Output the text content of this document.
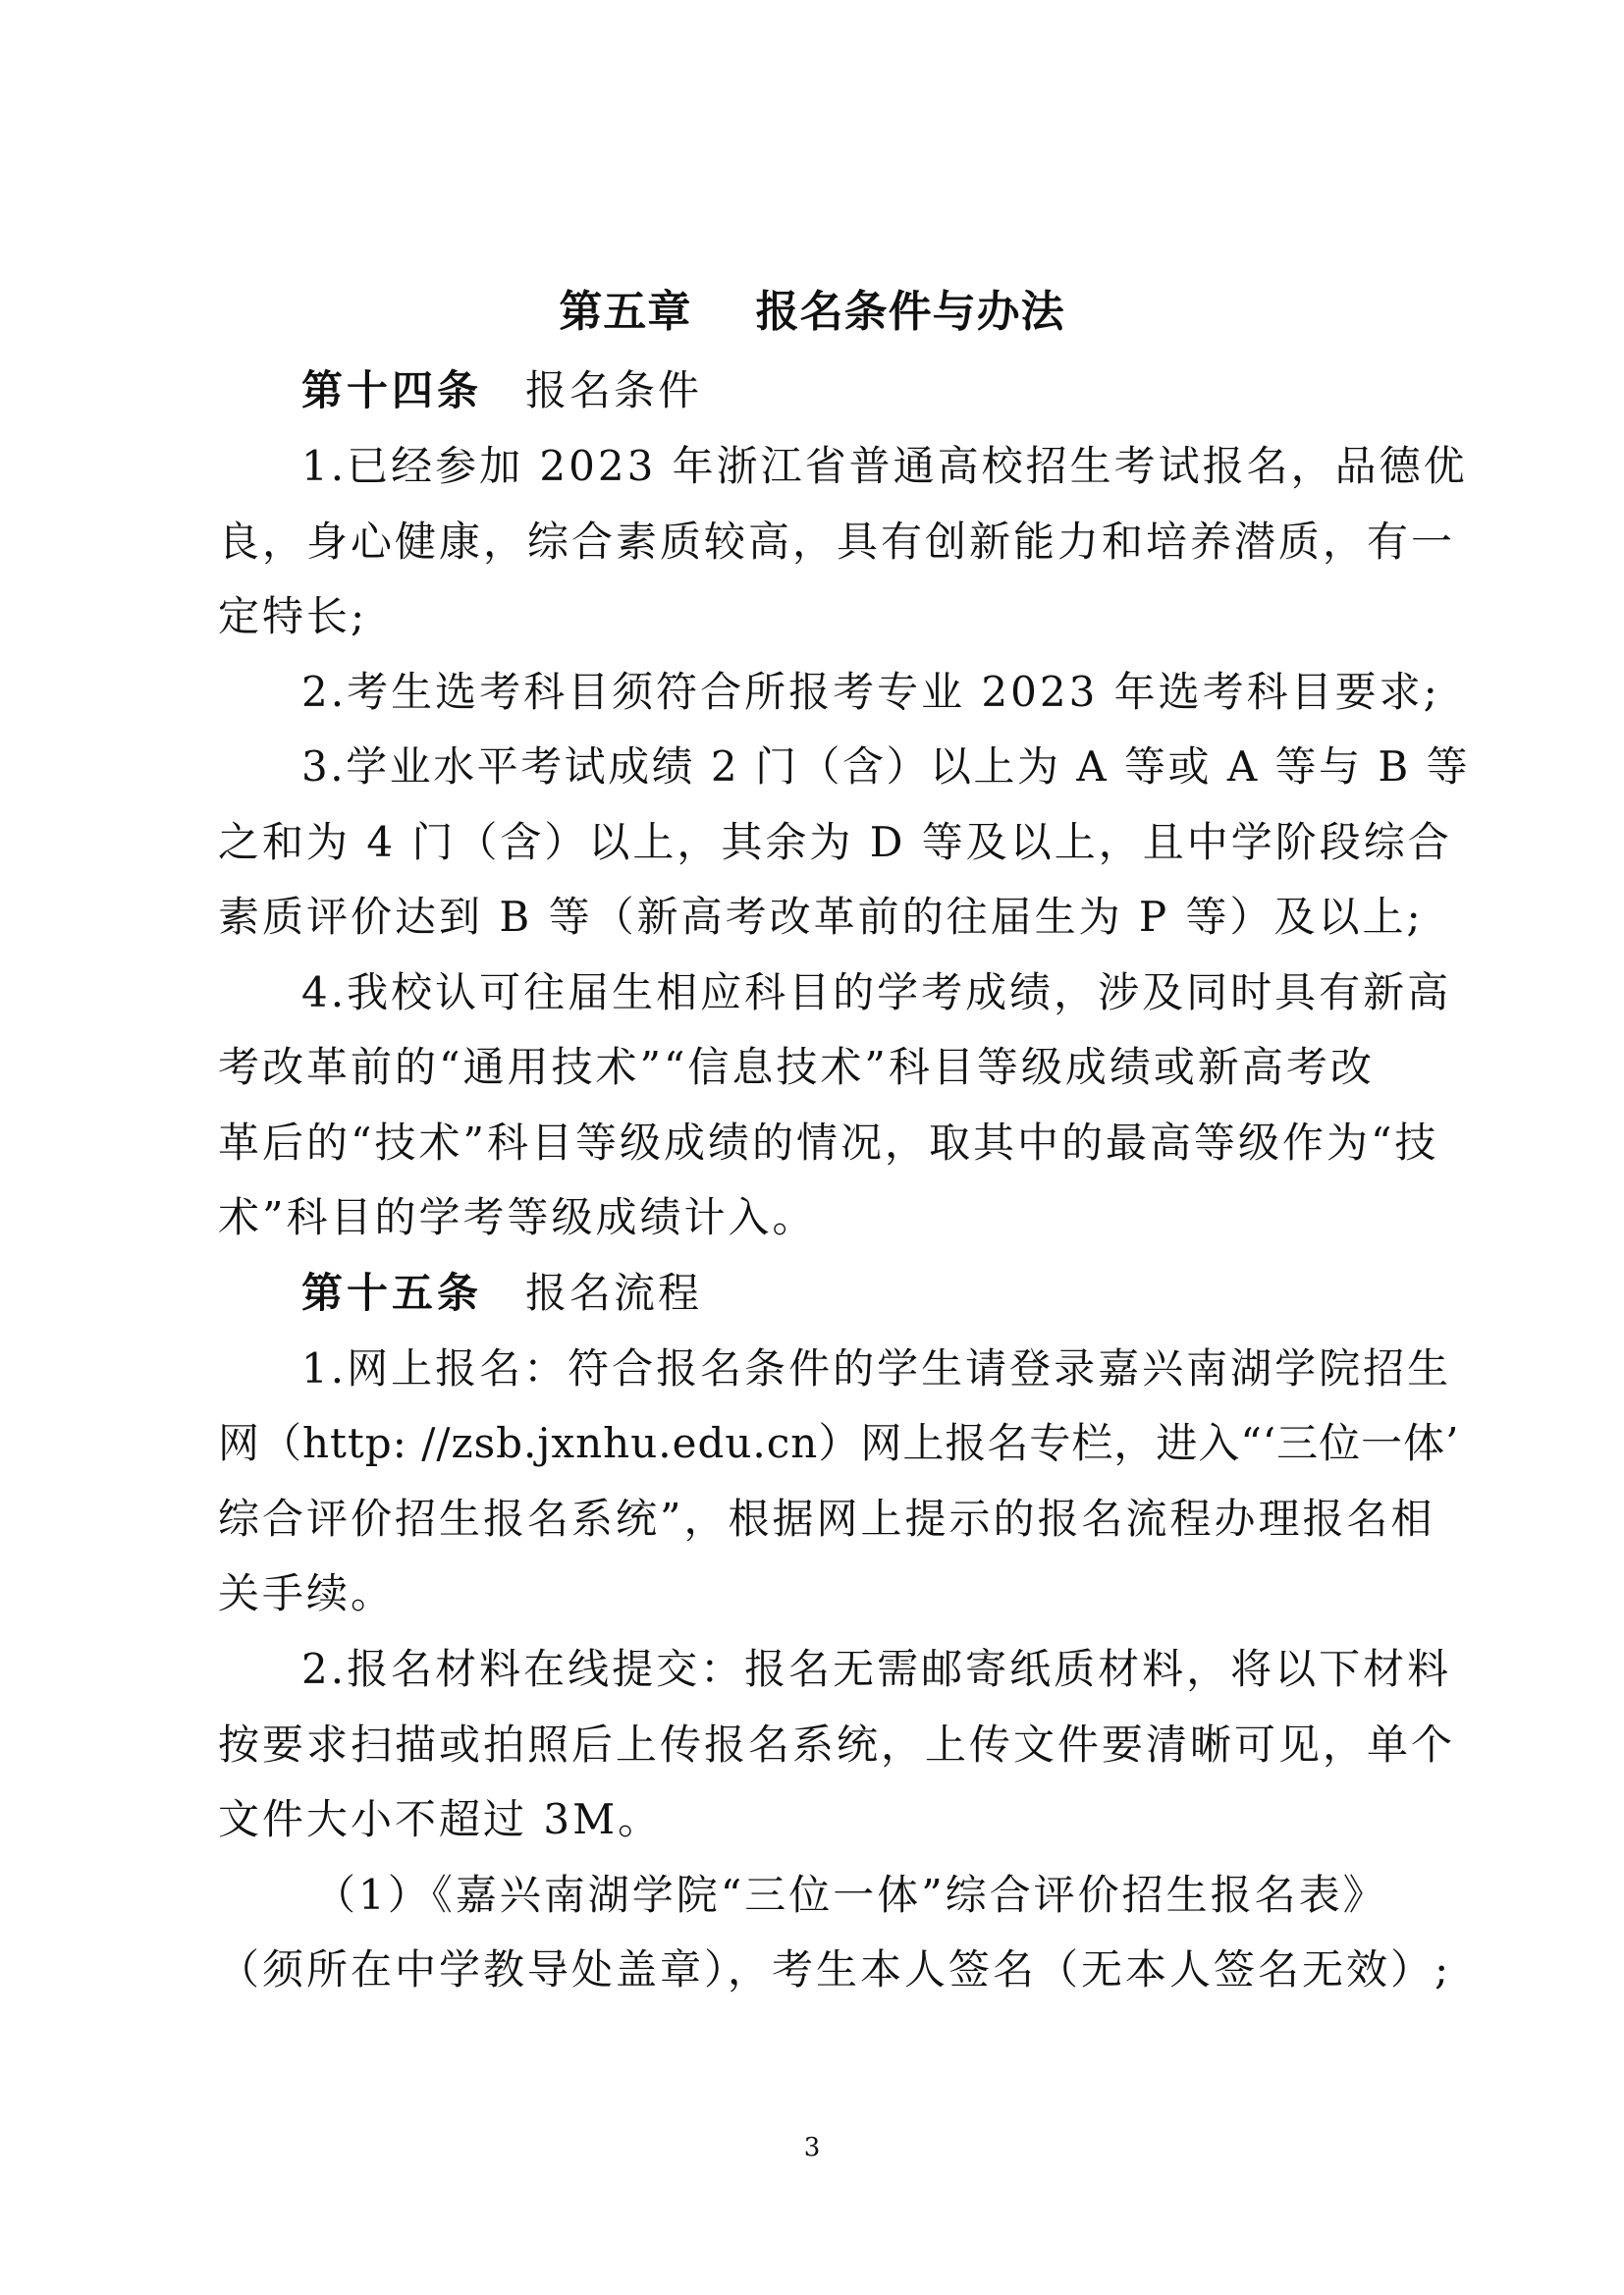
第五章    报名条件与办法
第十四条 报名条件
1.已经参加 2023 年浙江省普通高校招生考试报名，品德优
良，身心健康，综合素质较高，具有创新能力和培养潜质，有一
定特长;
2.考生选考科目须符合所报考专业 2023 年选考科目要求;
3.学业水平考试成绩 2 门（含）以上为 A 等或 A 等与 B 等
之和为 4 门（含）以上，其余为 D 等及以上，且中学阶段综合
素质评价达到 B 等（新高考改革前的往届生为 P 等）及以上;
4.我校认可往届生相应科目的学考成绩，涉及同时具有新高
考改革前的“通用技术”“信息技术”科目等级成绩或新高考改
革后的“技术”科目等级成绩的情况，取其中的最高等级作为“技
术”科目的学考等级成绩计入。
第十五条 报名流程
1.网上报名：符合报名条件的学生请登录嘉兴南湖学院招生
网（http: //zsb.jxnhu.edu.cn）网上报名专栏，进入“‘三位一体’
综合评价招生报名系统”，根据网上提示的报名流程办理报名相
关手续。
2.报名材料在线提交：报名无需邮寄纸质材料，将以下材料
按要求扫描或拍照后上传报名系统，上传文件要清晰可见，单个
文件大小不超过 3M。
（1）《嘉兴南湖学院“三位一体”综合评价招生报名表》
（须所在中学教导处盖章），考生本人签名（无本人签名无效）;
3
